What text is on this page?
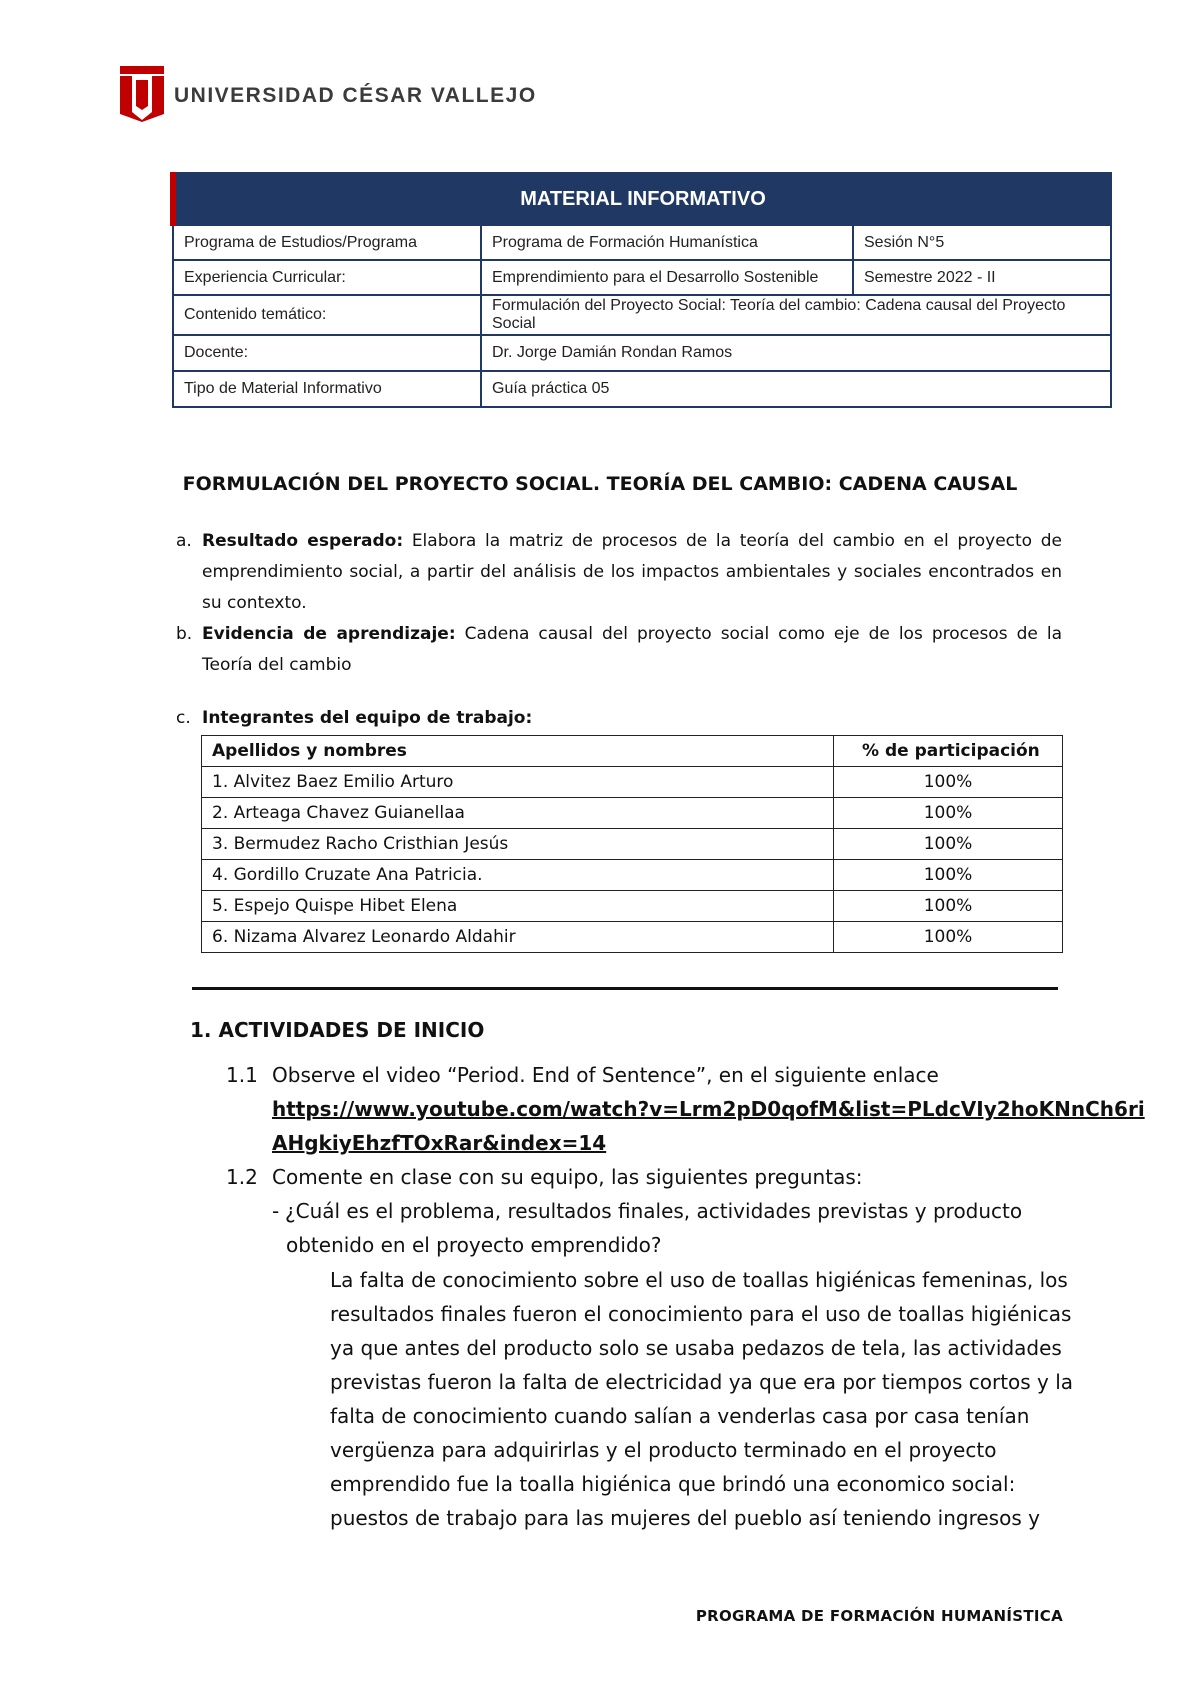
UNIVERSIDAD CÉSAR VALLEJO
MATERIAL INFORMATIVO		
Programa de Estudios/Programa	Programa de Formación Humanística	Sesión N°5
Experiencia Curricular:	Emprendimiento para el Desarrollo Sostenible	Semestre 2022 - II
Contenido temático:	Formulación del Proyecto Social: Teoría del cambio: Cadena causal del Proyecto Social	
Docente:	Dr. Jorge Damián Rondan Ramos	
Tipo de Material Informativo	Guía práctica 05	
FORMULACIÓN DEL PROYECTO SOCIAL. TEORÍA DEL CAMBIO: CADENA CAUSAL
a. Resultado esperado: Elabora la matriz de procesos de la teoría del cambio en el proyecto de emprendimiento social, a partir del análisis de los impactos ambientales y sociales encontrados en su contexto.
b. Evidencia de aprendizaje: Cadena causal del proyecto social como eje de los procesos de la Teoría del cambio
c. Integrantes del equipo de trabajo:
Apellidos y nombres	% de participación
1. Alvitez Baez Emilio Arturo	100%
2. Arteaga Chavez Guianellaa	100%
3. Bermudez Racho Cristhian Jesús	100%
4. Gordillo Cruzate Ana Patricia.	100%
5. Espejo Quispe Hibet Elena	100%
6. Nizama Alvarez Leonardo Aldahir	100%
1. ACTIVIDADES DE INICIO
1.1 Observe el video “Period. End of Sentence”, en el siguiente enlace
https://www.youtube.com/watch?v=Lrm2pD0qofM&list=PLdcVIy2hoKNnCh6ri
AHgkiyEhzfTOxRar&index=14
1.2 Comente en clase con su equipo, las siguientes preguntas:
- ¿Cuál es el problema, resultados finales, actividades previstas y producto
obtenido en el proyecto emprendido?
La falta de conocimiento sobre el uso de toallas higiénicas femeninas, los
resultados finales fueron el conocimiento para el uso de toallas higiénicas
ya que antes del producto solo se usaba pedazos de tela, las actividades
previstas fueron la falta de electricidad ya que era por tiempos cortos y la
falta de conocimiento cuando salían a venderlas casa por casa tenían
vergüenza para adquirirlas y el producto terminado en el proyecto
emprendido fue la toalla higiénica que brindó una economico social:
puestos de trabajo para las mujeres del pueblo así teniendo ingresos y
PROGRAMA DE FORMACIÓN HUMANÍSTICA
